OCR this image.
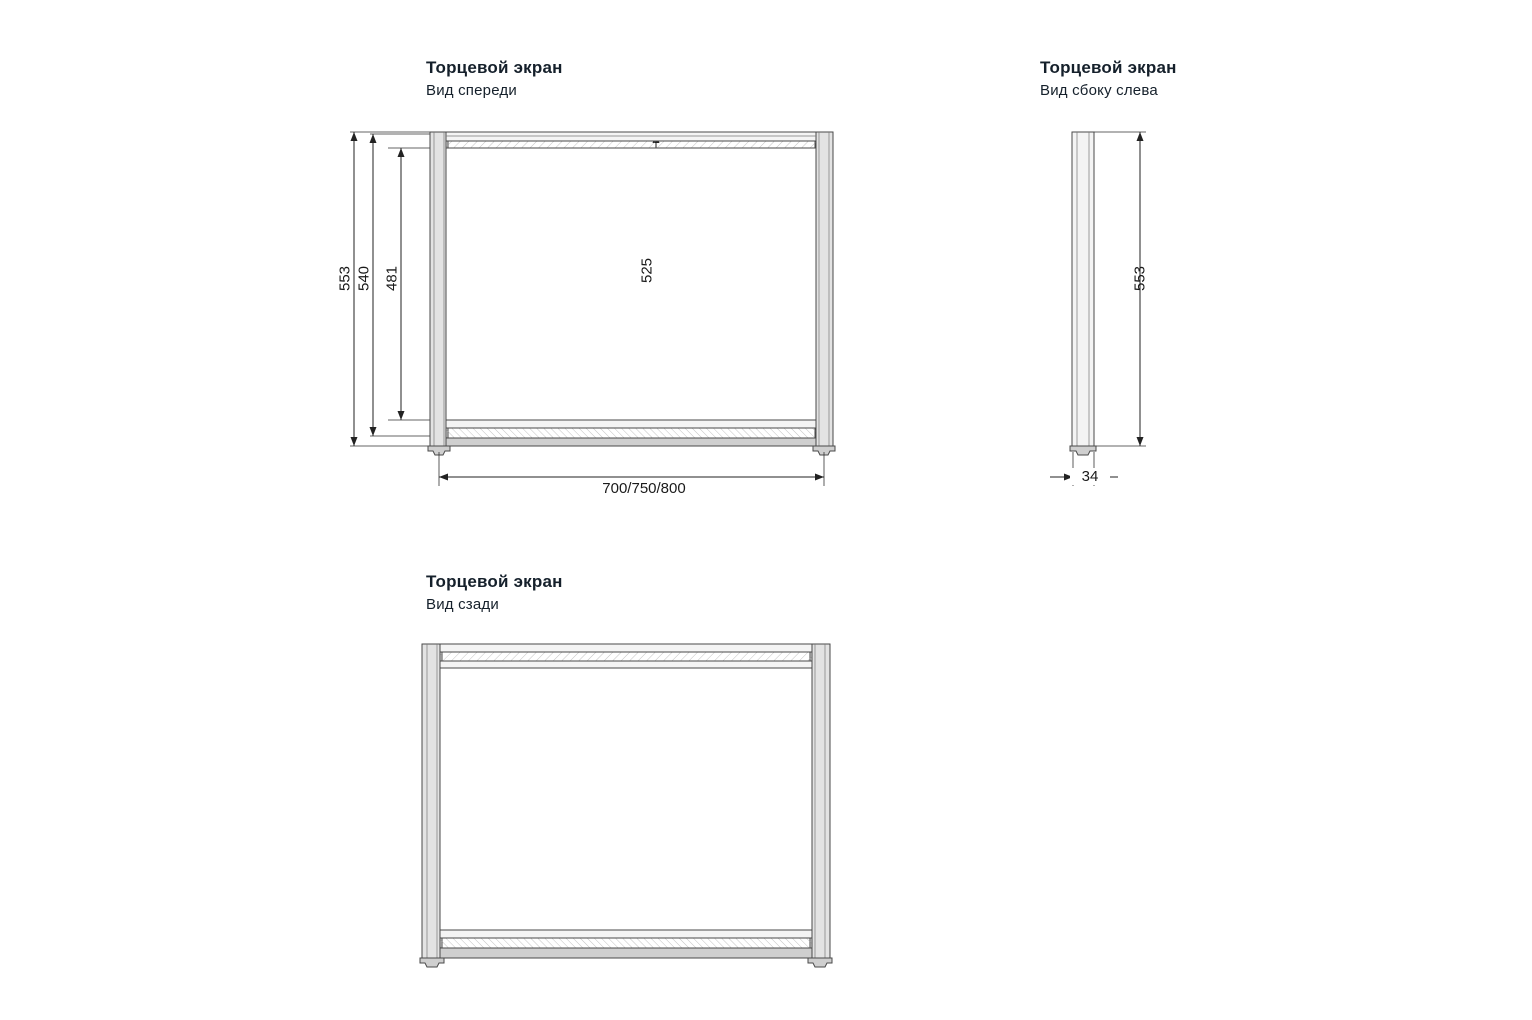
Торцевой экран
Вид спереди
553 540 481	525
700/750/800
Торцевой экран
Вид сбоку слева
553
34
Торцевой экран
Вид сзади
